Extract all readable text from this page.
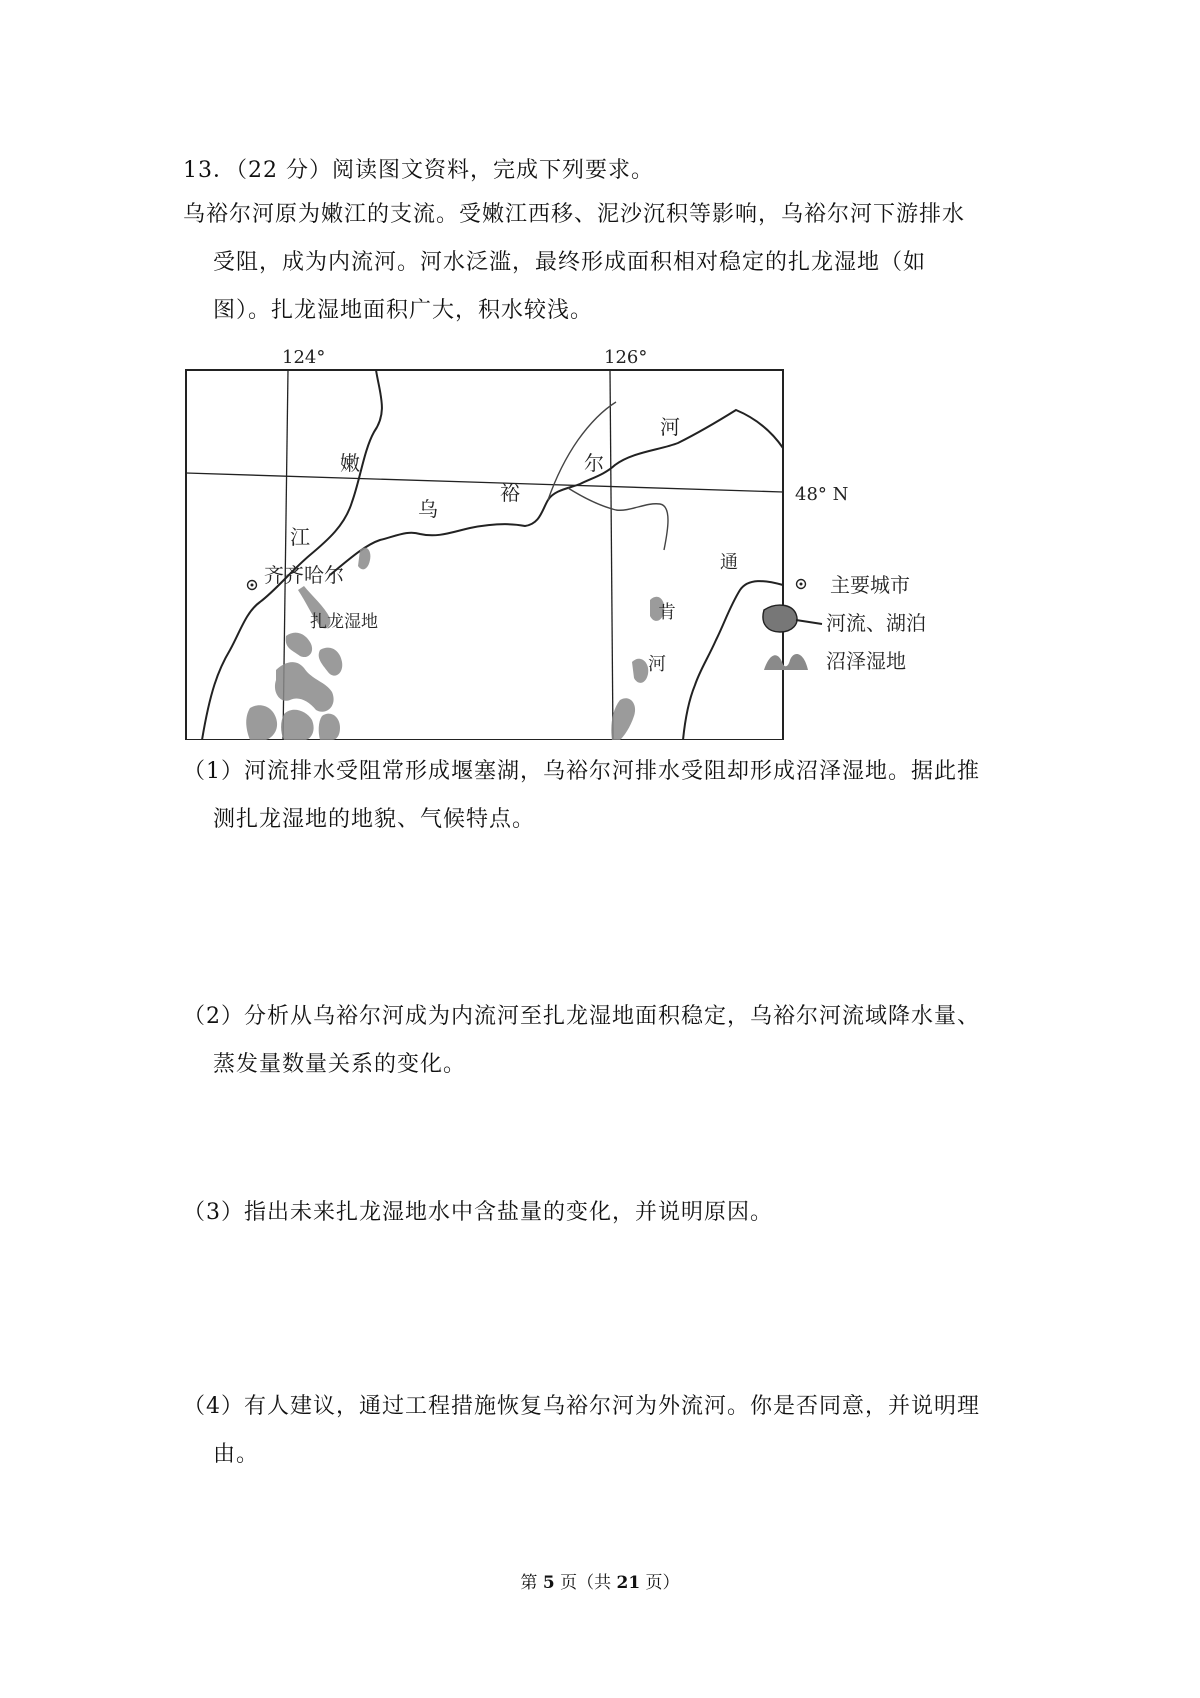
13．（22 分）阅读图文资料，完成下列要求。
乌裕尔河原为嫩江的支流。受嫩江西移、泥沙沉积等影响，乌裕尔河下游排水
受阻，成为内流河。河水泛滥，最终形成面积相对稳定的扎龙湿地（如
图）。扎龙湿地面积广大，积水较浅。
124°	126°
48° N
嫩
江
乌
裕
尔
河
通
肯
河
齐齐哈尔
扎龙湿地
主要城市
河流、湖泊
沼泽湿地
（1）河流排水受阻常形成堰塞湖，乌裕尔河排水受阻却形成沼泽湿地。据此推
测扎龙湿地的地貌、气候特点。
（2）分析从乌裕尔河成为内流河至扎龙湿地面积稳定，乌裕尔河流域降水量、
蒸发量数量关系的变化。
（3）指出未来扎龙湿地水中含盐量的变化，并说明原因。
（4）有人建议，通过工程措施恢复乌裕尔河为外流河。你是否同意，并说明理
由。
第 5 页（共 21 页）
